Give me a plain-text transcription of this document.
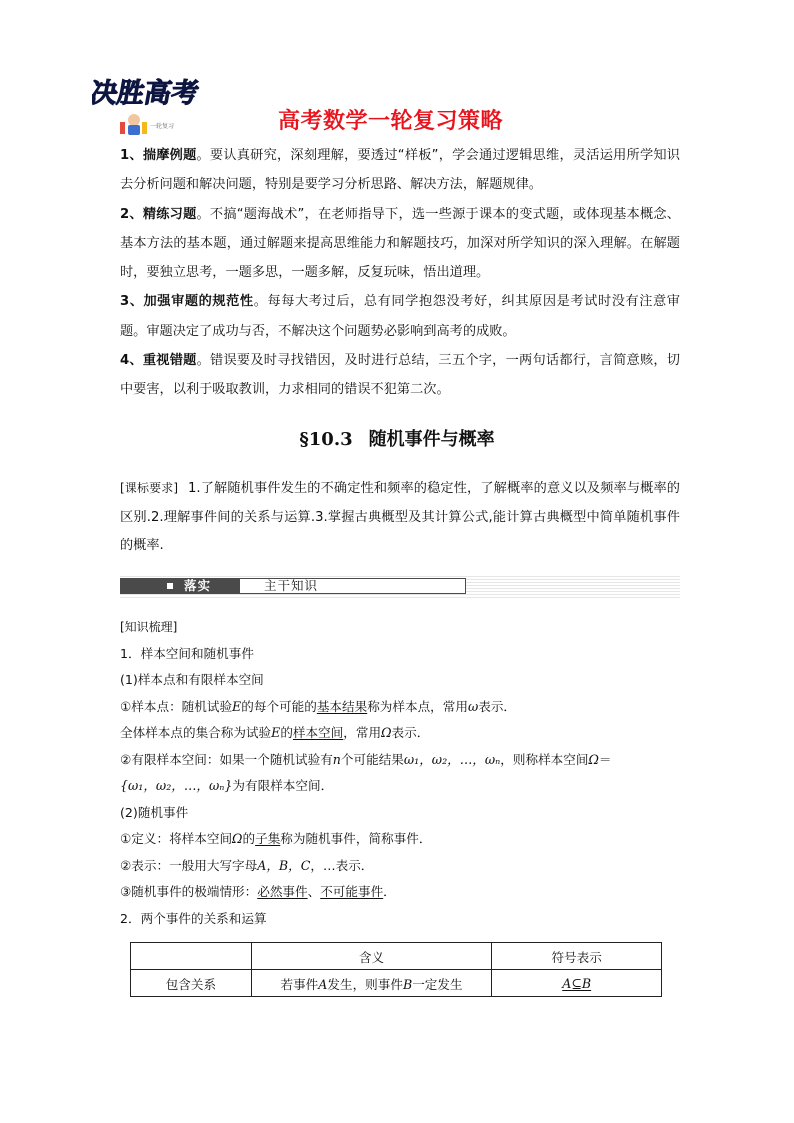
决胜高考
一轮复习	高考数学一轮复习策略

1、揣摩例题。要认真研究，深刻理解，要透过“样板”，学会通过逻辑思维，灵活运用所学知识去分析问题和解决问题，特别是要学习分析思路、解决方法，解题规律。

2、精练习题。不搞“题海战术”，在老师指导下，选一些源于课本的变式题，或体现基本概念、基本方法的基本题，通过解题来提高思维能力和解题技巧，加深对所学知识的深入理解。在解题时，要独立思考，一题多思，一题多解，反复玩味，悟出道理。

3、加强审题的规范性。每每大考过后，总有同学抱怨没考好，纠其原因是考试时没有注意审题。审题决定了成功与否，不解决这个问题势必影响到高考的成败。

4、重视错题。错误要及时寻找错因，及时进行总结，三五个字，一两句话都行，言简意赅，切中要害，以利于吸取教训，力求相同的错误不犯第二次。

§10.3 随机事件与概率
[课标要求] 1.了解随机事件发生的不确定性和频率的稳定性，了解概率的意义以及频率与概率的区别.2.理解事件间的关系与运算.3.掌握古典概型及其计算公式,能计算古典概型中简单随机事件的概率.
落实	主干知识

[知识梳理]

1．样本空间和随机事件

(1)样本点和有限样本空间

①样本点：随机试验E的每个可能的基本结果称为样本点，常用ω表示．

全体样本点的集合称为试验E的样本空间，常用Ω表示．

②有限样本空间：如果一个随机试验有n个可能结果ω₁，ω₂，…，ωₙ，则称样本空间Ω＝

{ω₁，ω₂，…，ωₙ}为有限样本空间．

(2)随机事件

①定义：将样本空间Ω的子集称为随机事件，简称事件．

②表示：一般用大写字母A，B，C，…表示．

③随机事件的极端情形：必然事件、不可能事件．

2．两个事件的关系和运算

	含义	符号表示
包含关系	若事件A发生，则事件B一定发生	A⊆B
